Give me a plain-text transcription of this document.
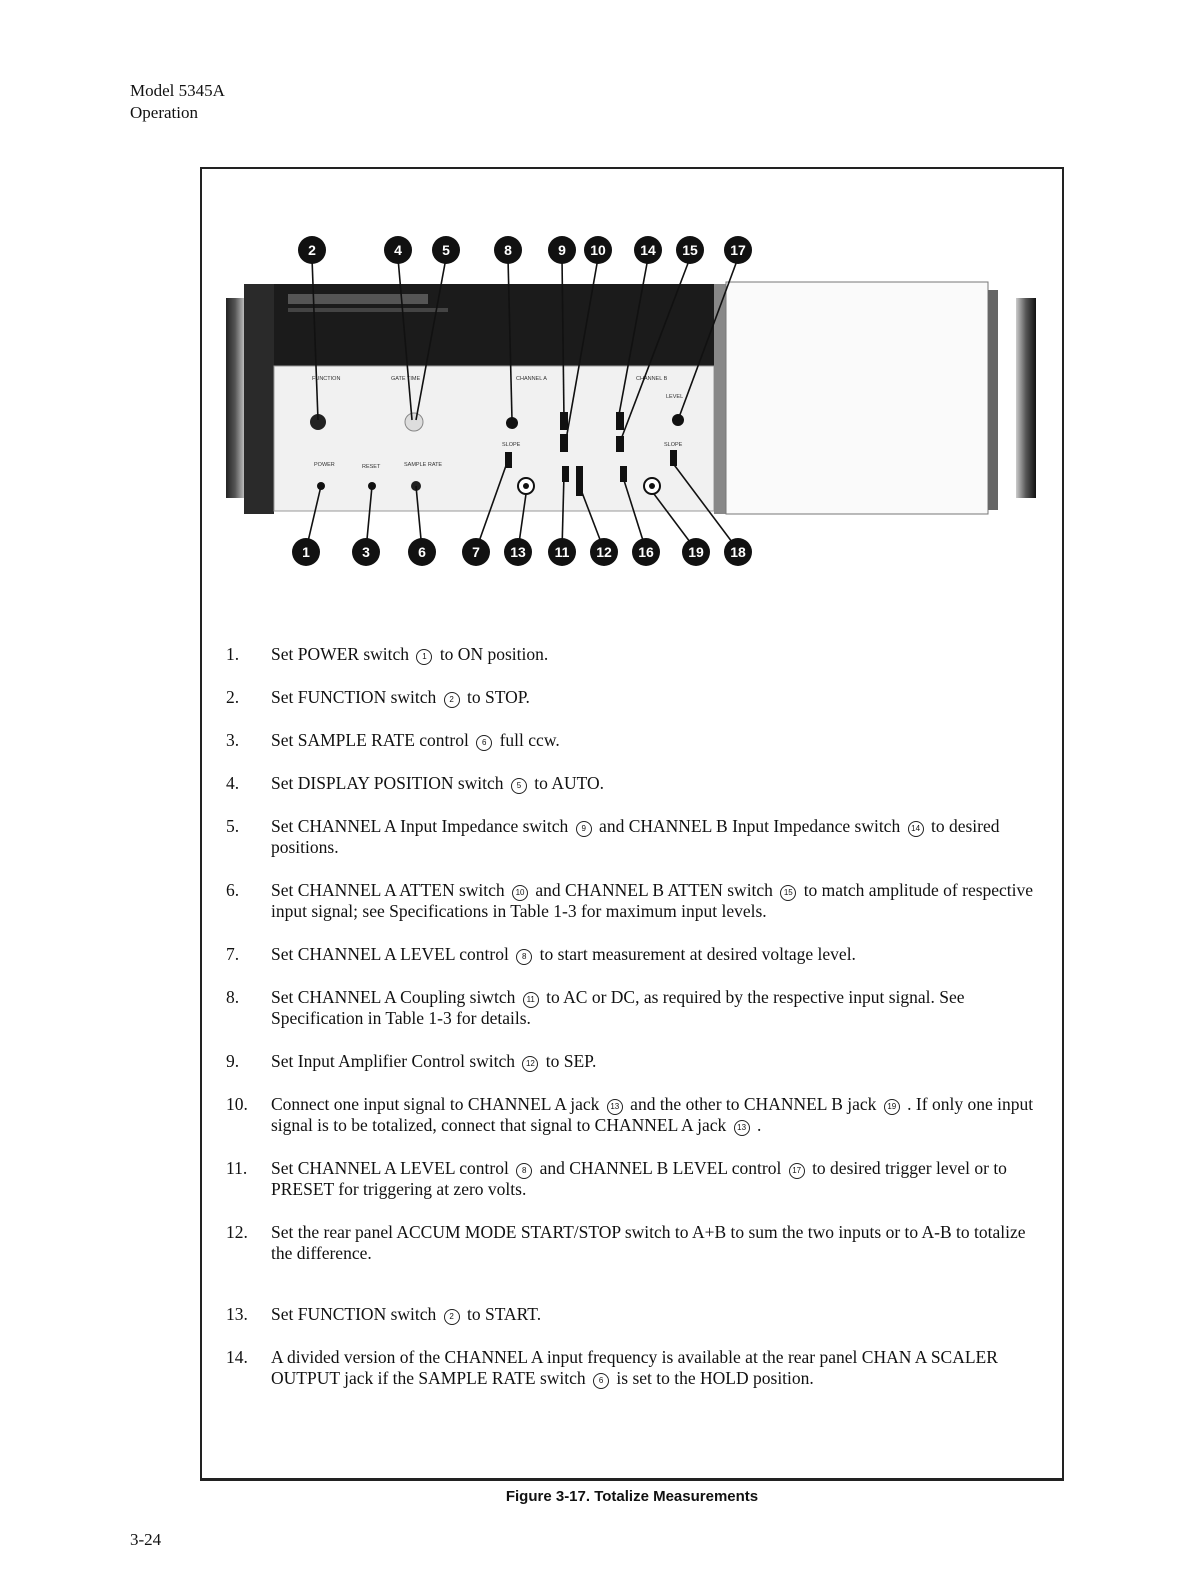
Model 5345A
Operation
FUNCTION	GATE TIME	CHANNEL A	CHANNEL B
POWER	RESET	SAMPLE RATE
SLOPE	SLOPE
LEVEL
2	4	5	8	9 10 14 15 17
1	3	6	7 13 11 12 16 19 18
1.	Set POWER switch 1 to ON position.
2.	Set FUNCTION switch 2 to STOP.
3.	Set SAMPLE RATE control 6 full ccw.
4.	Set DISPLAY POSITION switch 5 to AUTO.
5.	Set CHANNEL A Input Impedance switch 9 and CHANNEL B Input Impedance switch 14 to desired positions.
6.	Set CHANNEL A ATTEN switch 10 and CHANNEL B ATTEN switch 15 to match amplitude of respective input signal; see Specifications in Table 1-3 for maximum input levels.
7.	Set CHANNEL A LEVEL control 8 to start measurement at desired voltage level.
8.	Set CHANNEL A Coupling siwtch 11 to AC or DC, as required by the respective input signal. See Specification in Table 1-3 for details.
9.	Set Input Amplifier Control switch 12 to SEP.
10.	Connect one input signal to CHANNEL A jack 13 and the other to CHANNEL B jack 19 . If only one input signal is to be totalized, connect that signal to CHANNEL A jack 13 .
11.	Set CHANNEL A LEVEL control 8 and CHANNEL B LEVEL control 17 to desired trigger level or to PRESET for triggering at zero volts.
12.	Set the rear panel ACCUM MODE START/STOP switch to A+B to sum the two inputs or to A-B to totalize the difference.
13.	Set FUNCTION switch 2 to START.
14.	A divided version of the CHANNEL A input frequency is available at the rear panel CHAN A SCALER OUTPUT jack if the SAMPLE RATE switch 6 is set to the HOLD position.
Figure 3-17. Totalize Measurements
3-24
